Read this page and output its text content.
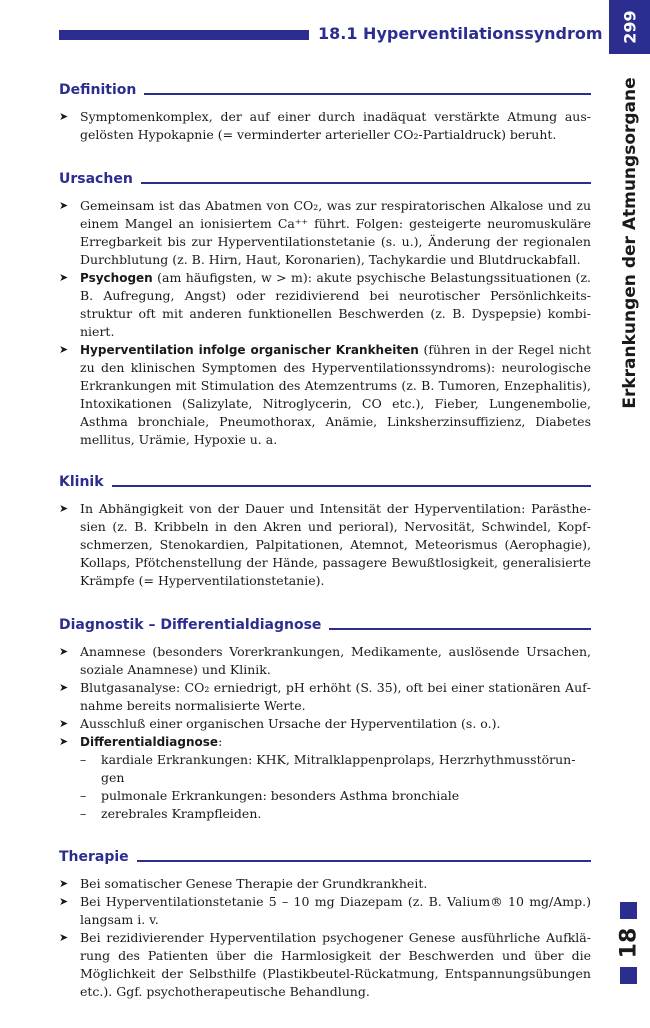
18.1 Hyperventilationssyndrom 299
Erkrankungen der Atmungsorgane
18
Definition
➤ Symptomenkomplex, der auf einer durch inadäquat verstärkte Atmung ausgelösten Hypokapnie (= verminderter arterieller CO₂-Partialdruck) beruht.
Ursachen
➤ Gemeinsam ist das Abatmen von CO₂, was zur respiratorischen Alkalose und zu einem Mangel an ionisiertem Ca⁺⁺ führt. Folgen: gesteigerte neuromuskuläre Erregbarkeit bis zur Hyperventilationstetanie (s. u.), Änderung der regionalen Durchblutung (z. B. Hirn, Haut, Koronarien), Tachykardie und Blutdruckabfall.
➤ Psychogen (am häufigsten, w > m): akute psychische Belastungssituationen (z. B. Aufregung, Angst) oder rezidivierend bei neurotischer Persönlichkeitsstruktur oft mit anderen funktionellen Beschwerden (z. B. Dyspepsie) kombiniert.
➤ Hyperventilation infolge organischer Krankheiten (führen in der Regel nicht zu den klinischen Symptomen des Hyperventilationssyndroms): neurologische Erkrankungen mit Stimulation des Atemzentrums (z. B. Tumoren, Enzephalitis), Intoxikationen (Salizylate, Nitroglycerin, CO etc.), Fieber, Lungenembolie, Asthma bronchiale, Pneumothorax, Anämie, Linksherzinsuffizienz, Diabetes mellitus, Urämie, Hypoxie u. a.
Klinik
➤ In Abhängigkeit von der Dauer und Intensität der Hyperventilation: Parästhesien (z. B. Kribbeln in den Akren und perioral), Nervosität, Schwindel, Kopfschmerzen, Stenokardien, Palpitationen, Atemnot, Meteorismus (Aerophagie), Kollaps, Pfötchenstellung der Hände, passagere Bewußtlosigkeit, generalisierte Krämpfe (= Hyperventilationstetanie).
Diagnostik – Differentialdiagnose
➤ Anamnese (besonders Vorerkrankungen, Medikamente, auslösende Ursachen, soziale Anamnese) und Klinik.
➤ Blutgasanalyse: CO₂ erniedrigt, pH erhöht (S. 35), oft bei einer stationären Aufnahme bereits normalisierte Werte.
➤ Ausschluß einer organischen Ursache der Hyperventilation (s. o.).
➤ Differentialdiagnose:
– kardiale Erkrankungen: KHK, Mitralklappenprolaps, Herzrhythmusstörungen
– pulmonale Erkrankungen: besonders Asthma bronchiale
– zerebrales Krampfleiden.
Therapie
➤ Bei somatischer Genese Therapie der Grundkrankheit.
➤ Bei Hyperventilationstetanie 5 – 10 mg Diazepam (z. B. Valium® 10 mg/Amp.) langsam i. v.
➤ Bei rezidivierender Hyperventilation psychogener Genese ausführliche Aufklärung des Patienten über die Harmlosigkeit der Beschwerden und über die Möglichkeit der Selbsthilfe (Plastikbeutel-Rückatmung, Entspannungsübungen etc.). Ggf. psychotherapeutische Behandlung.
